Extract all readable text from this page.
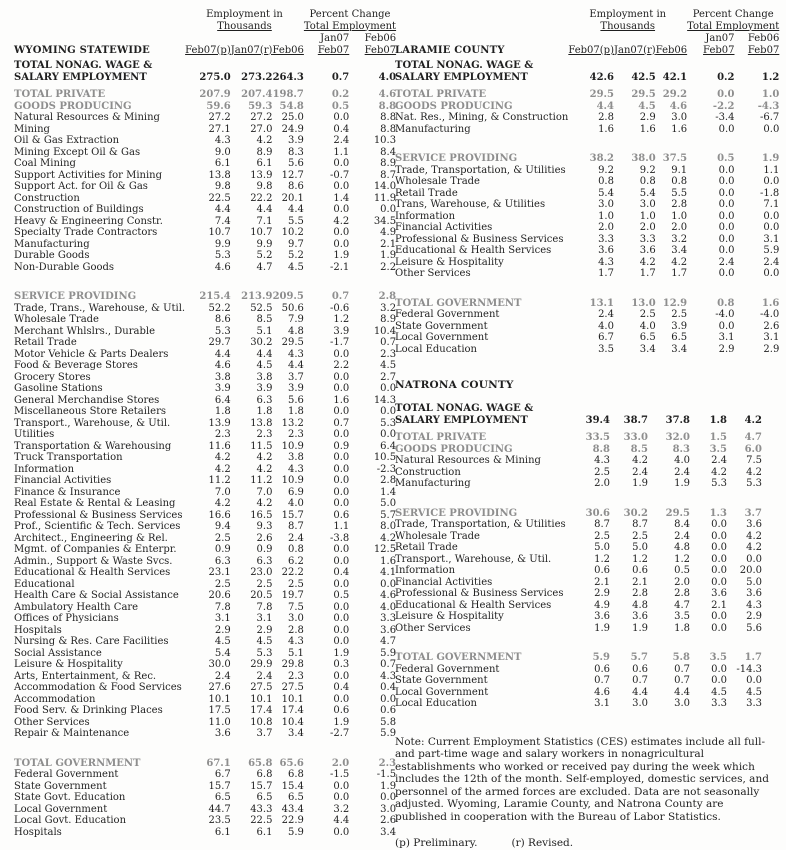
WYOMING STATEWIDE	Employment in			Percent Change	
	Thousands			Total Employment	
				Jan07	Feb06
	Feb07(p)	Jan07(r)	Feb06	Feb07	Feb07

TOTAL NONAG. WAGE &					
SALARY EMPLOYMENT	275.0	273.2	264.3	0.7	4.0

TOTAL PRIVATE	207.9	207.4	198.7	0.2	4.6
GOODS PRODUCING	59.6	59.3	54.8	0.5	8.8
Natural Resources & Mining	27.2	27.2	25.0	0.0	8.8
Mining	27.1	27.0	24.9	0.4	8.8
Oil & Gas Extraction	4.3	4.2	3.9	2.4	10.3
Mining Except Oil & Gas	9.0	8.9	8.3	1.1	8.4
Coal Mining	6.1	6.1	5.6	0.0	8.9
Support Activities for Mining	13.8	13.9	12.7	-0.7	8.7
Support Act. for Oil & Gas	9.8	9.8	8.6	0.0	14.0
Construction	22.5	22.2	20.1	1.4	11.9
Construction of Buildings	4.4	4.4	4.4	0.0	0.0
Heavy & Engineering Constr.	7.4	7.1	5.5	4.2	34.5
Specialty Trade Contractors	10.7	10.7	10.2	0.0	4.9
Manufacturing	9.9	9.9	9.7	0.0	2.1
Durable Goods	5.3	5.2	5.2	1.9	1.9
Non-Durable Goods	4.6	4.7	4.5	-2.1	2.2

SERVICE PROVIDING	215.4	213.9	209.5	0.7	2.8
Trade, Trans., Warehouse, & Util.	52.2	52.5	50.6	-0.6	3.2
Wholesale Trade	8.6	8.5	7.9	1.2	8.9
Merchant Whlslrs., Durable	5.3	5.1	4.8	3.9	10.4
Retail Trade	29.7	30.2	29.5	-1.7	0.7
Motor Vehicle & Parts Dealers	4.4	4.4	4.3	0.0	2.3
Food & Beverage Stores	4.6	4.5	4.4	2.2	4.5
Grocery Stores	3.8	3.8	3.7	0.0	2.7
Gasoline Stations	3.9	3.9	3.9	0.0	0.0
General Merchandise Stores	6.4	6.3	5.6	1.6	14.3
Miscellaneous Store Retailers	1.8	1.8	1.8	0.0	0.0
Transport., Warehouse, & Util.	13.9	13.8	13.2	0.7	5.3
Utilities	2.3	2.3	2.3	0.0	0.0
Transportation & Warehousing	11.6	11.5	10.9	0.9	6.4
Truck Transportation	4.2	4.2	3.8	0.0	10.5
Information	4.2	4.2	4.3	0.0	-2.3
Financial Activities	11.2	11.2	10.9	0.0	2.8
Finance & Insurance	7.0	7.0	6.9	0.0	1.4
Real Estate & Rental & Leasing	4.2	4.2	4.0	0.0	5.0
Professional & Business Services	16.6	16.5	15.7	0.6	5.7
Prof., Scientific & Tech. Services	9.4	9.3	8.7	1.1	8.0
Architect., Engineering & Rel.	2.5	2.6	2.4	-3.8	4.2
Mgmt. of Companies & Enterpr.	0.9	0.9	0.8	0.0	12.5
Admin., Support & Waste Svcs.	6.3	6.3	6.2	0.0	1.6
Educational & Health Services	23.1	23.0	22.2	0.4	4.1
Educational	2.5	2.5	2.5	0.0	0.0
Health Care & Social Assistance	20.6	20.5	19.7	0.5	4.6
Ambulatory Health Care	7.8	7.8	7.5	0.0	4.0
Offices of Physicians	3.1	3.1	3.0	0.0	3.3
Hospitals	2.9	2.9	2.8	0.0	3.6
Nursing & Res. Care Facilities	4.5	4.5	4.3	0.0	4.7
Social Assistance	5.4	5.3	5.1	1.9	5.9
Leisure & Hospitality	30.0	29.9	29.8	0.3	0.7
Arts, Entertainment, & Rec.	2.4	2.4	2.3	0.0	4.3
Accommodation & Food Services	27.6	27.5	27.5	0.4	0.4
Accommodation	10.1	10.1	10.1	0.0	0.0
Food Serv. & Drinking Places	17.5	17.4	17.4	0.6	0.6
Other Services	11.0	10.8	10.4	1.9	5.8
Repair & Maintenance	3.6	3.7	3.4	-2.7	5.9

TOTAL GOVERNMENT	67.1	65.8	65.6	2.0	2.3
Federal Government	6.7	6.8	6.8	-1.5	-1.5
State Government	15.7	15.7	15.4	0.0	1.9
State Govt. Education	6.5	6.5	6.5	0.0	0.0
Local Government	44.7	43.3	43.4	3.2	3.0
Local Govt. Education	23.5	22.5	22.9	4.4	2.6
Hospitals	6.1	6.1	5.9	0.0	3.4
LARAMIE COUNTY	Employment in			Percent Change	
	Thousands			Total Employment	
				Jan07	Feb06
	Feb07(p)	Jan07(r)	Feb06	Feb07	Feb07

TOTAL NONAG. WAGE &					
SALARY EMPLOYMENT	42.6	42.5	42.1	0.2	1.2

TOTAL PRIVATE	29.5	29.5	29.2	0.0	1.0
GOODS PRODUCING	4.4	4.5	4.6	-2.2	-4.3
Nat. Res., Mining, & Construction	2.8	2.9	3.0	-3.4	-6.7
Manufacturing	1.6	1.6	1.6	0.0	0.0

SERVICE PROVIDING	38.2	38.0	37.5	0.5	1.9
Trade, Transportation, & Utilities	9.2	9.2	9.1	0.0	1.1
Wholesale Trade	0.8	0.8	0.8	0.0	0.0
Retail Trade	5.4	5.4	5.5	0.0	-1.8
Trans, Warehouse, & Utilities	3.0	3.0	2.8	0.0	7.1
Information	1.0	1.0	1.0	0.0	0.0
Financial Activities	2.0	2.0	2.0	0.0	0.0
Professional & Business Services	3.3	3.3	3.2	0.0	3.1
Educational & Health Services	3.6	3.6	3.4	0.0	5.9
Leisure & Hospitality	4.3	4.2	4.2	2.4	2.4
Other Services	1.7	1.7	1.7	0.0	0.0

TOTAL GOVERNMENT	13.1	13.0	12.9	0.8	1.6
Federal Government	2.4	2.5	2.5	-4.0	-4.0
State Government	4.0	4.0	3.9	0.0	2.6
Local Government	6.7	6.5	6.5	3.1	3.1
Local Education	3.5	3.4	3.4	2.9	2.9
NATRONA COUNTY
TOTAL NONAG. WAGE &					
SALARY EMPLOYMENT	39.4	38.7	37.8	1.8	4.2

TOTAL PRIVATE	33.5	33.0	32.0	1.5	4.7
GOODS PRODUCING	8.8	8.5	8.3	3.5	6.0
Natural Resources & Mining	4.3	4.2	4.0	2.4	7.5
Construction	2.5	2.4	2.4	4.2	4.2
Manufacturing	2.0	1.9	1.9	5.3	5.3

SERVICE PROVIDING	30.6	30.2	29.5	1.3	3.7
Trade, Transportation, & Utilities	8.7	8.7	8.4	0.0	3.6
Wholesale Trade	2.5	2.5	2.4	0.0	4.2
Retail Trade	5.0	5.0	4.8	0.0	4.2
Transport., Warehouse, & Util.	1.2	1.2	1.2	0.0	0.0
Information	0.6	0.6	0.5	0.0	20.0
Financial Activities	2.1	2.1	2.0	0.0	5.0
Professional & Business Services	2.9	2.8	2.8	3.6	3.6
Educational & Health Services	4.9	4.8	4.7	2.1	4.3
Leisure & Hospitality	3.6	3.6	3.5	0.0	2.9
Other Services	1.9	1.9	1.8	0.0	5.6

TOTAL GOVERNMENT	5.9	5.7	5.8	3.5	1.7
Federal Government	0.6	0.6	0.7	0.0	-14.3
State Government	0.7	0.7	0.7	0.0	0.0
Local Government	4.6	4.4	4.4	4.5	4.5
Local Education	3.1	3.0	3.0	3.3	3.3

Note: Current Employment Statistics (CES) estimates include all full- and part-time wage and salary workers in nonagricultural establishments who worked or received pay during the week which includes the 12th of the month. Self-employed, domestic services, and personnel of the armed forces are excluded. Data are not seasonally adjusted. Wyoming, Laramie County, and Natrona County are published in cooperation with the Bureau of Labor Statistics.

(p) Preliminary.	(r) Revised.
